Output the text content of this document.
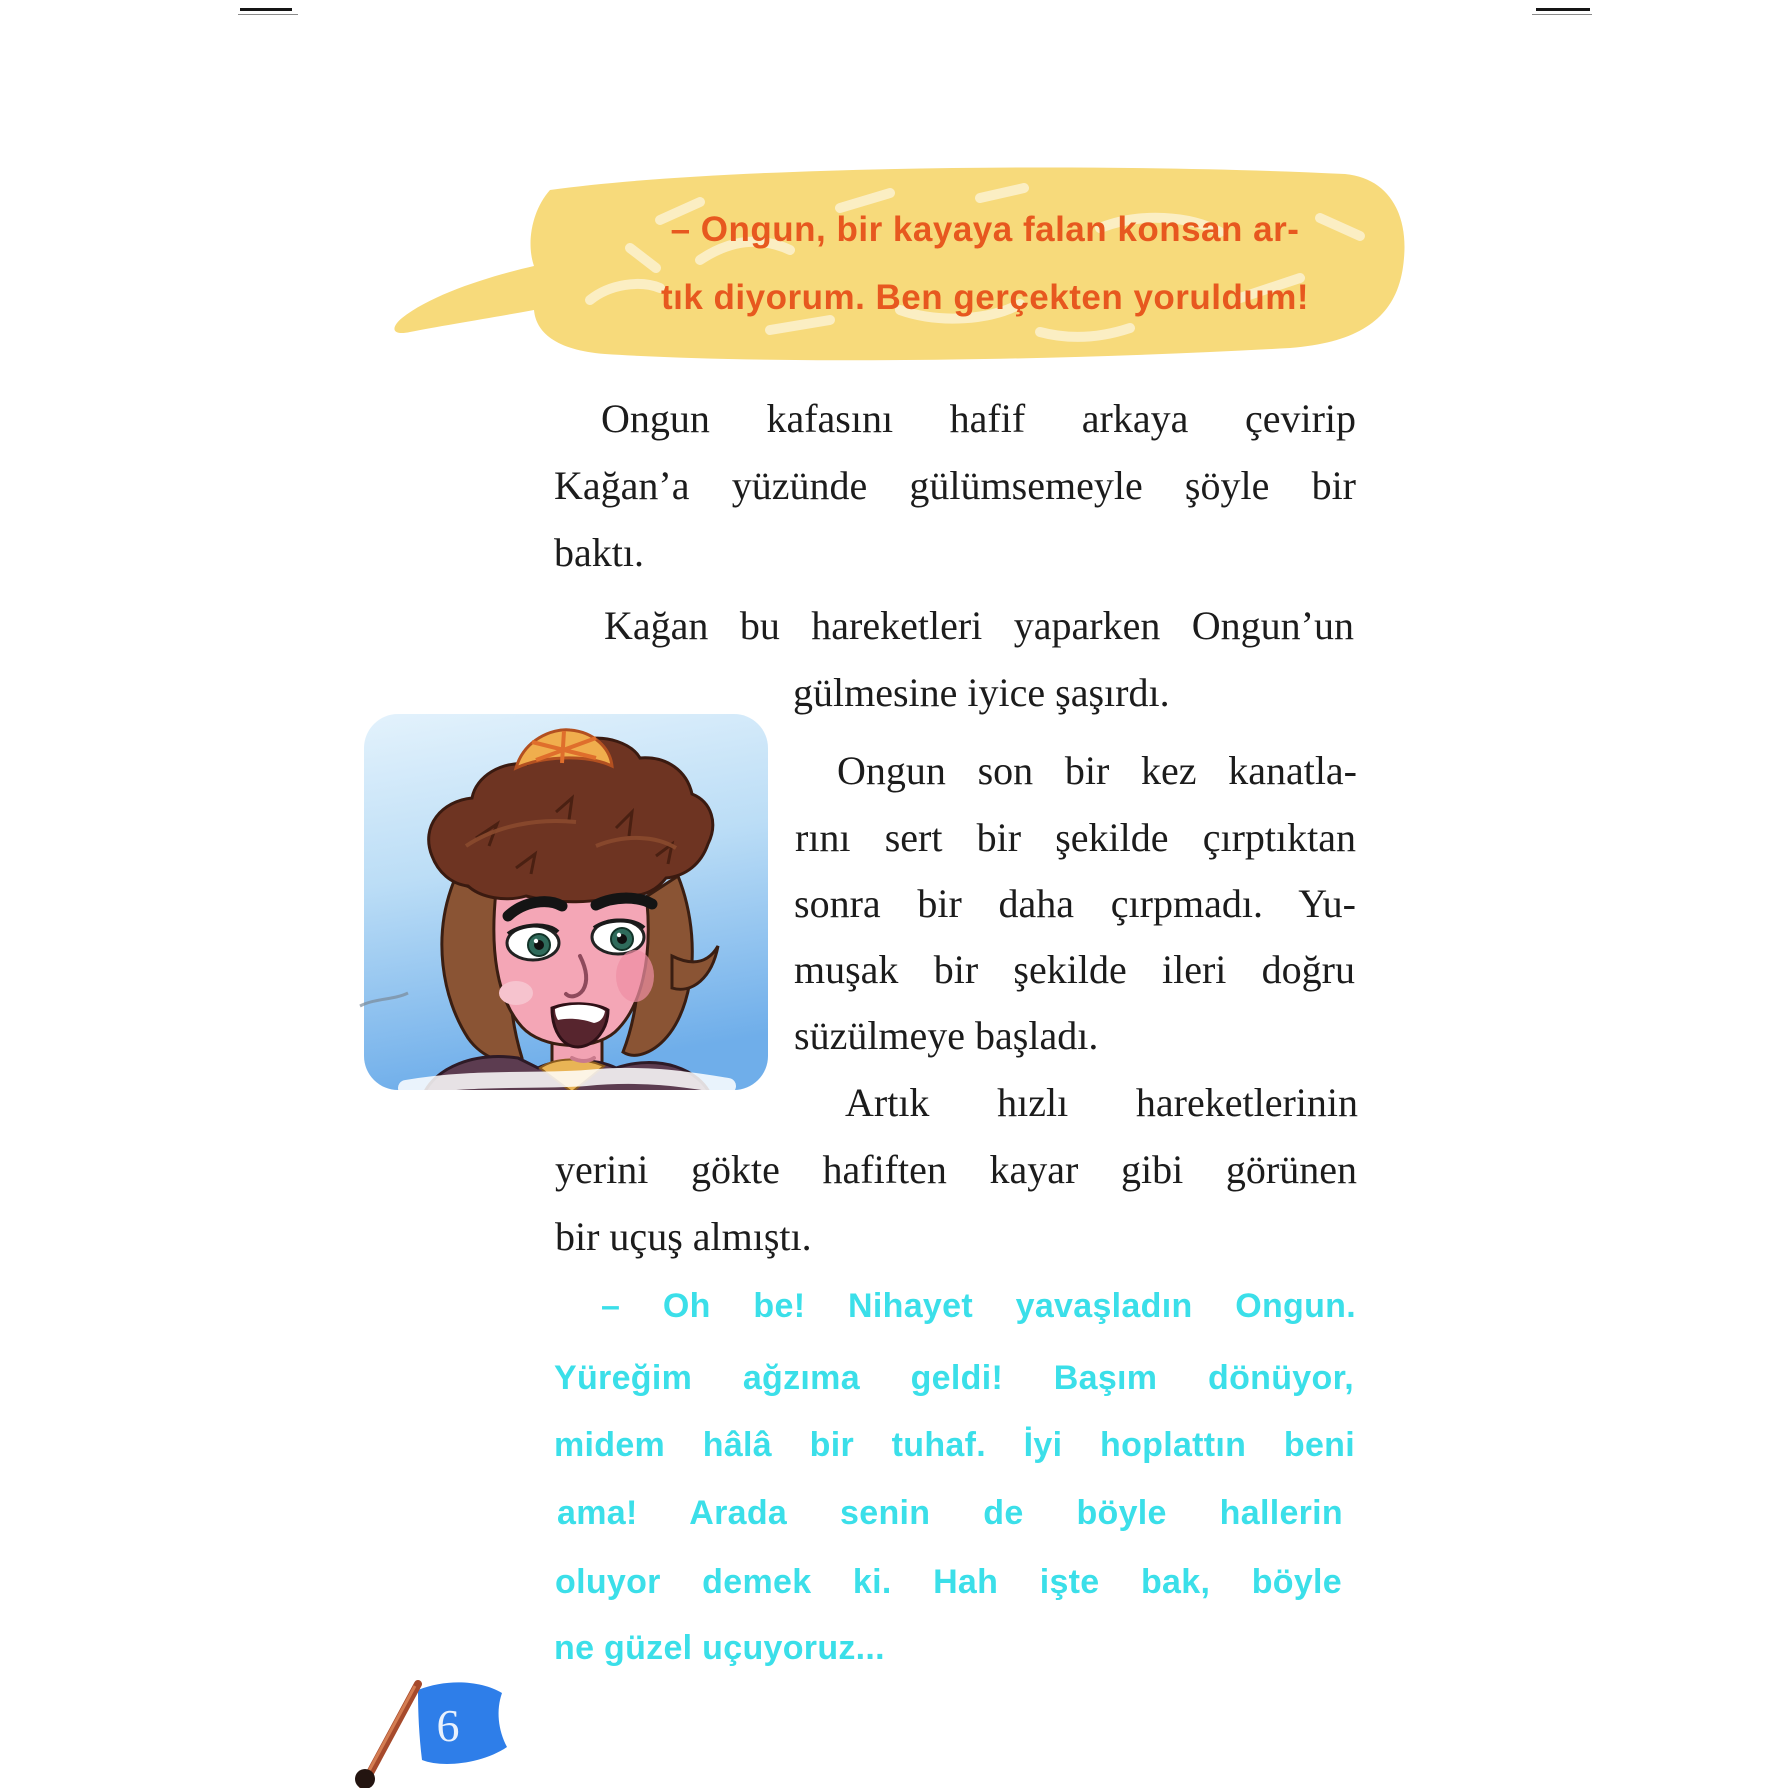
– Ongun, bir kayaya falan konsan ar-
tık diyorum. Ben gerçekten yoruldum!
Ongun kafasını hafif arkaya çevirip
Kağan’a yüzünde gülümsemeyle şöyle bir
baktı.
Kağan bu hareketleri yaparken Ongun’un
gülmesine iyice şaşırdı.
Ongun son bir kez kanatla-
rını sert bir şekilde çırptıktan
sonra bir daha çırpmadı. Yu-
muşak bir şekilde ileri doğru
süzülmeye başladı.
Artık hızlı hareketlerinin
yerini gökte hafiften kayar gibi görünen
bir uçuş almıştı.
– Oh be! Nihayet yavaşladın Ongun.
Yüreğim ağzıma geldi! Başım dönüyor,
midem hâlâ bir tuhaf. İyi hoplattın beni
ama! Arada senin de böyle hallerin
oluyor demek ki. Hah işte bak, böyle
ne güzel uçuyoruz...
6
